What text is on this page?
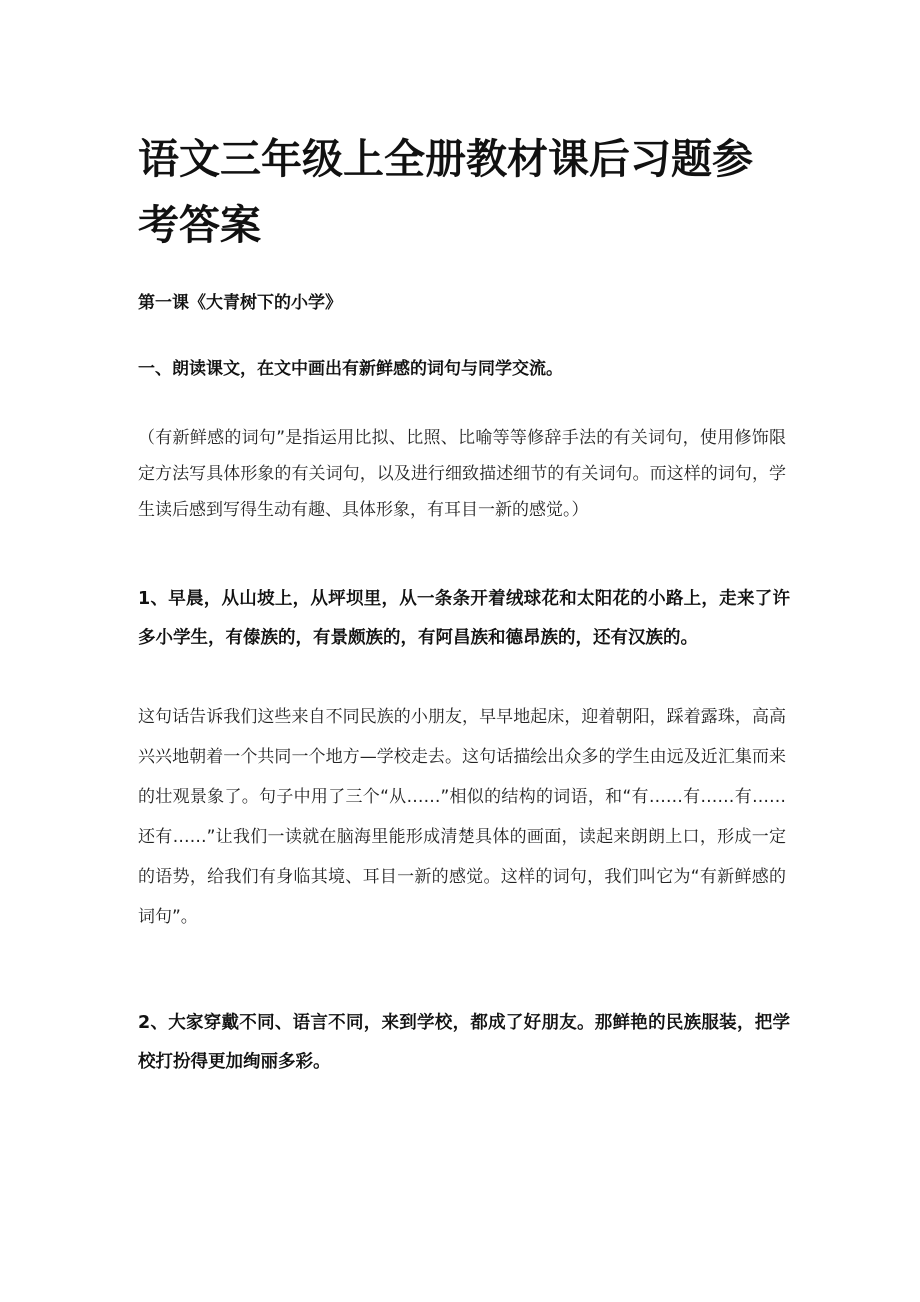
语文三年级上全册教材课后习题参考答案

第一课《大青树下的小学》

一、朗读课文，在文中画出有新鲜感的词句与同学交流。

（有新鲜感的词句”是指运用比拟、比照、比喻等等修辞手法的有关词句，使用修饰限定方法写具体形象的有关词句，以及进行细致描述细节的有关词句。而这样的词句，学生读后感到写得生动有趣、具体形象，有耳目一新的感觉。）

1、早晨，从山坡上，从坪坝里，从一条条开着绒球花和太阳花的小路上，走来了许多小学生，有傣族的，有景颇族的，有阿昌族和德昂族的，还有汉族的。

这句话告诉我们这些来自不同民族的小朋友，早早地起床，迎着朝阳，踩着露珠，高高兴兴地朝着一个共同一个地方—学校走去。这句话描绘出众多的学生由远及近汇集而来的壮观景象了。句子中用了三个“从……”相似的结构的词语，和“有……有……有……还有……”让我们一读就在脑海里能形成清楚具体的画面，读起来朗朗上口，形成一定的语势，给我们有身临其境、耳目一新的感觉。这样的词句，我们叫它为“有新鲜感的词句”。

2、大家穿戴不同、语言不同，来到学校，都成了好朋友。那鲜艳的民族服装，把学校打扮得更加绚丽多彩。
